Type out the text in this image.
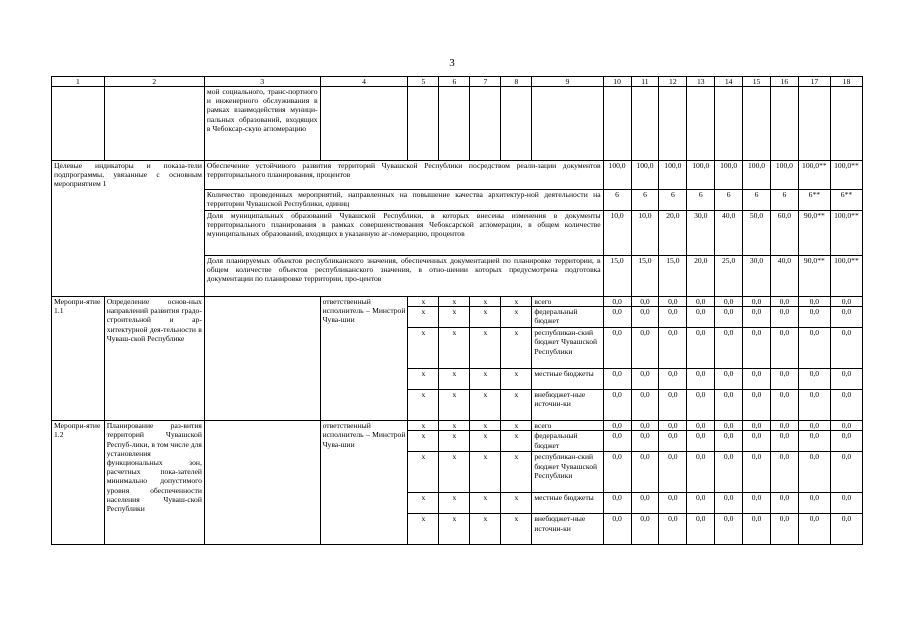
3
1	2	3	4	5	6	7	8	9	10	11	12	13	14	15	16	17	18
		мой социального, транс-портного и инженерного обслуживания в рамках взаимодействия муници-пальных образований, входящих в Чебоксар-скую агломерацию															
Целевые индикаторы и показа-тели подпрограммы, увязанные с основным мероприятием 1		Обеспечение устойчивого развития территорий Чувашской Республики посредством реали-зации документов территориального планирования, процентов							100,0	100,0	100,0	100,0	100,0	100,0	100,0	100,0**	100,0**
		Количество проведенных мероприятий, направленных на повышение качества архитектур-ной деятельности на территории Чувашской Республики, единиц							6	6	6	6	6	6	6	6**	6**
		Доля муниципальных образований Чувашской Республики, в которых внесены изменения в документы территориального планирования в рамках совершенствования Чебоксарской агломерации, в общем количестве муниципальных образований, входящих в указанную аг-ломерацию, процентов							10,0	10,0	20,0	30,0	40,0	50,0	60,0	90,0**	100,0**
		Доля планируемых объектов республиканского значения, обеспеченных документацией по планировке территории, в общем количестве объектов республиканского значения, в отно-шении которых предусмотрена подготовка документации по планировке территории, про-центов							15,0	15,0	15,0	20,0	25,0	30,0	40,0	90,0**	100,0**
Меропри-ятие 1.1	Определение основ-ных направлений развития градо-строительной и ар-хитектурной дея-тельности в Чуваш-ской Республике		ответственный исполнитель – Минстрой Чува-шии	x	x	x	x	всего	0,0	0,0	0,0	0,0	0,0	0,0	0,0	0,0	0,0
				x	x	x	x	федеральный бюджет	0,0	0,0	0,0	0,0	0,0	0,0	0,0	0,0	0,0
				x	x	x	x	республикан-ский бюджет Чувашской Республики	0,0	0,0	0,0	0,0	0,0	0,0	0,0	0,0	0,0
				x	x	x	x	местные бюджеты	0,0	0,0	0,0	0,0	0,0	0,0	0,0	0,0	0,0
				x	x	x	x	внебюджет-ные источни-ки	0,0	0,0	0,0	0,0	0,0	0,0	0,0	0,0	0,0
Меропри-ятие 1.2	Планирование раз-вития территорий Чувашской Респуб-лики, в том числе для установления функциональных зон, расчетных пока-зателей минимально допустимого уровня обеспеченности населения Чуваш-ской Республики		ответственный исполнитель – Минстрой Чува-шии	x	x	x	x	всего	0,0	0,0	0,0	0,0	0,0	0,0	0,0	0,0	0,0
				x	x	x	x	федеральный бюджет	0,0	0,0	0,0	0,0	0,0	0,0	0,0	0,0	0,0
				x	x	x	x	республикан-ский бюджет Чувашской Республики	0,0	0,0	0,0	0,0	0,0	0,0	0,0	0,0	0,0
				x	x	x	x	местные бюджеты	0,0	0,0	0,0	0,0	0,0	0,0	0,0	0,0	0,0
				x	x	x	x	внебюджет-ные источни-ки	0,0	0,0	0,0	0,0	0,0	0,0	0,0	0,0	0,0
